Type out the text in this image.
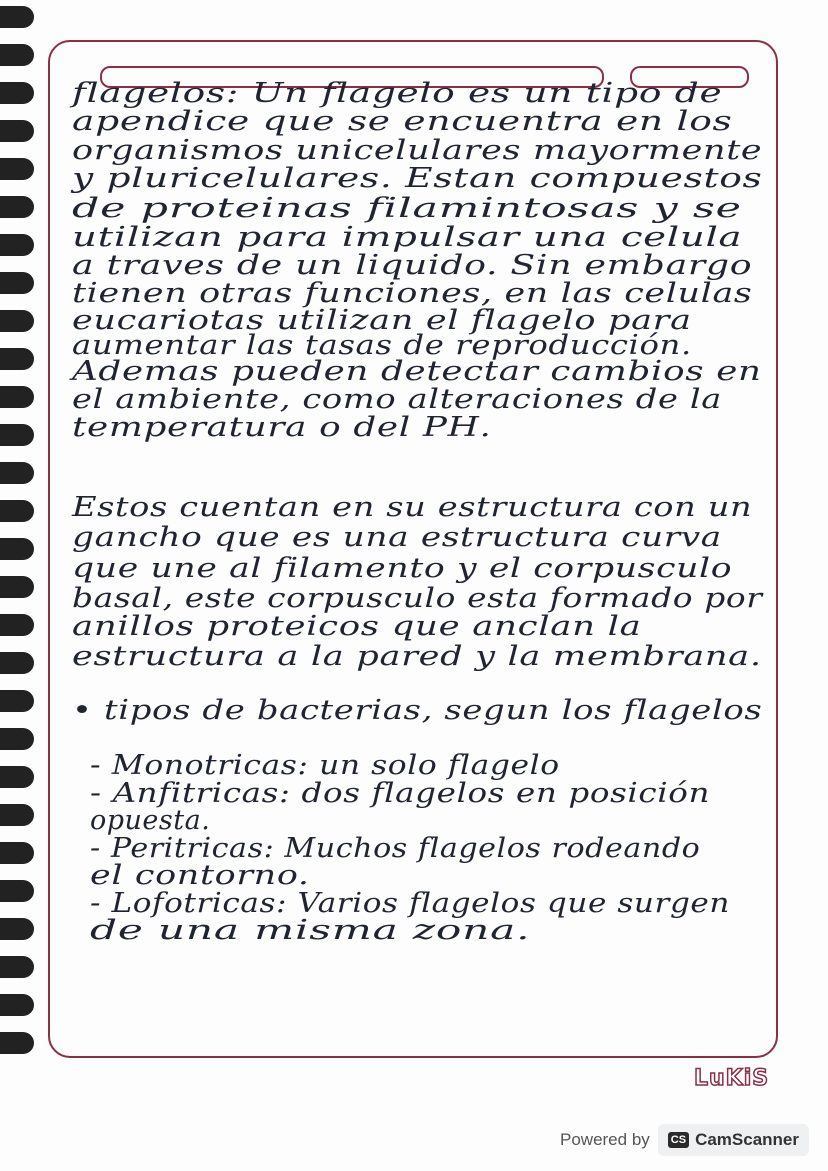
flagelos: Un flagelo es un tipo de
apendice que se encuentra en los
organismos unicelulares mayormente
y pluricelulares. Estan compuestos
de proteinas filamintosas y se
utilizan para impulsar una celula
a traves de un liquido. Sin embargo
tienen otras funciones, en las celulas
eucariotas utilizan el flagelo para
aumentar las tasas de reproducción.
Ademas pueden detectar cambios en
el ambiente, como alteraciones de la
temperatura o del PH.
Estos cuentan en su estructura con un
gancho que es una estructura curva
que une al filamento y el corpusculo
basal, este corpusculo esta formado por
anillos proteicos que anclan la
estructura a la pared y la membrana.
• tipos de bacterias, segun los flagelos
- Monotricas: un solo flagelo
- Anfitricas: dos flagelos en posición
opuesta.
- Peritricas: Muchos flagelos rodeando
el contorno.
- Lofotricas: Varios flagelos que surgen
de una misma zona.
LuKiS
Powered by CS CamScanner
